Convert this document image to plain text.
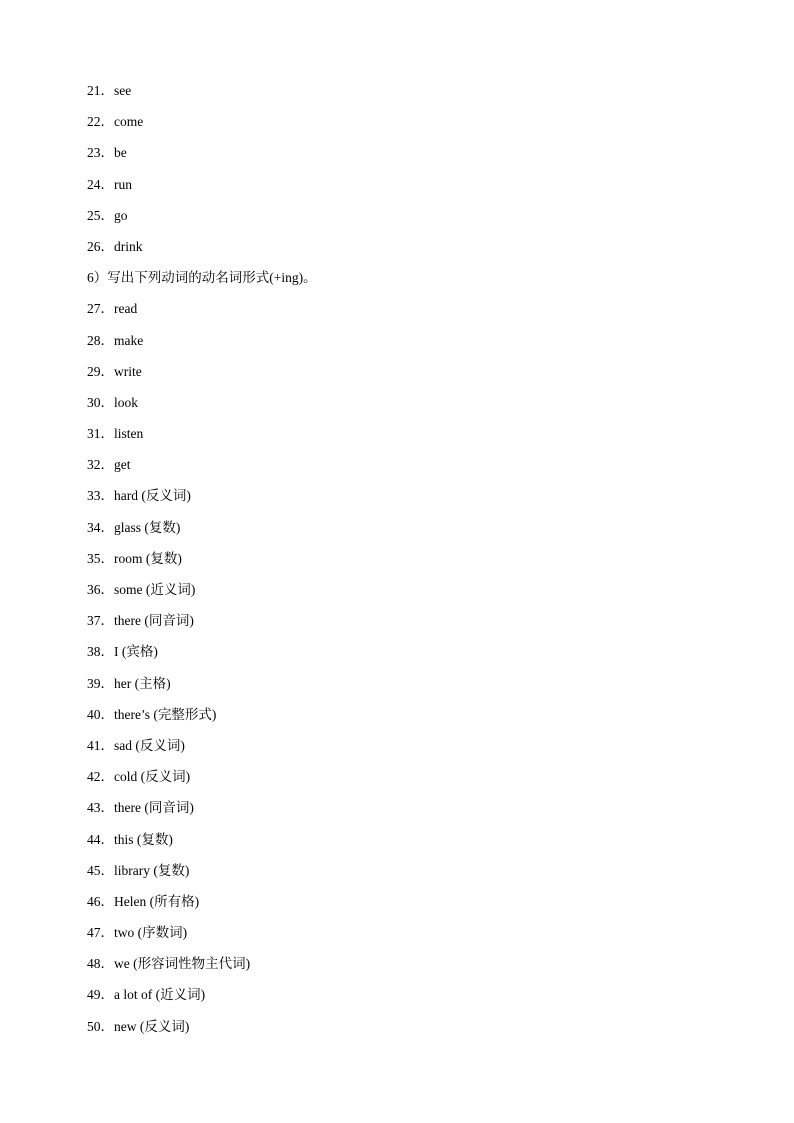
21．see
22．come
23．be
24．run
25．go
26．drink
6）写出下列动词的动名词形式(+ing)。
27．read
28．make
29．write
30．look
31．listen
32．get
33．hard (反义词)
34．glass (复数)
35．room (复数)
36．some (近义词)
37．there (同音词)
38．I (宾格)
39．her (主格)
40．there’s (完整形式)
41．sad (反义词)
42．cold (反义词)
43．there (同音词)
44．this (复数)
45．library (复数)
46．Helen (所有格)
47．two (序数词)
48．we (形容词性物主代词)
49．a lot of (近义词)
50．new (反义词)
